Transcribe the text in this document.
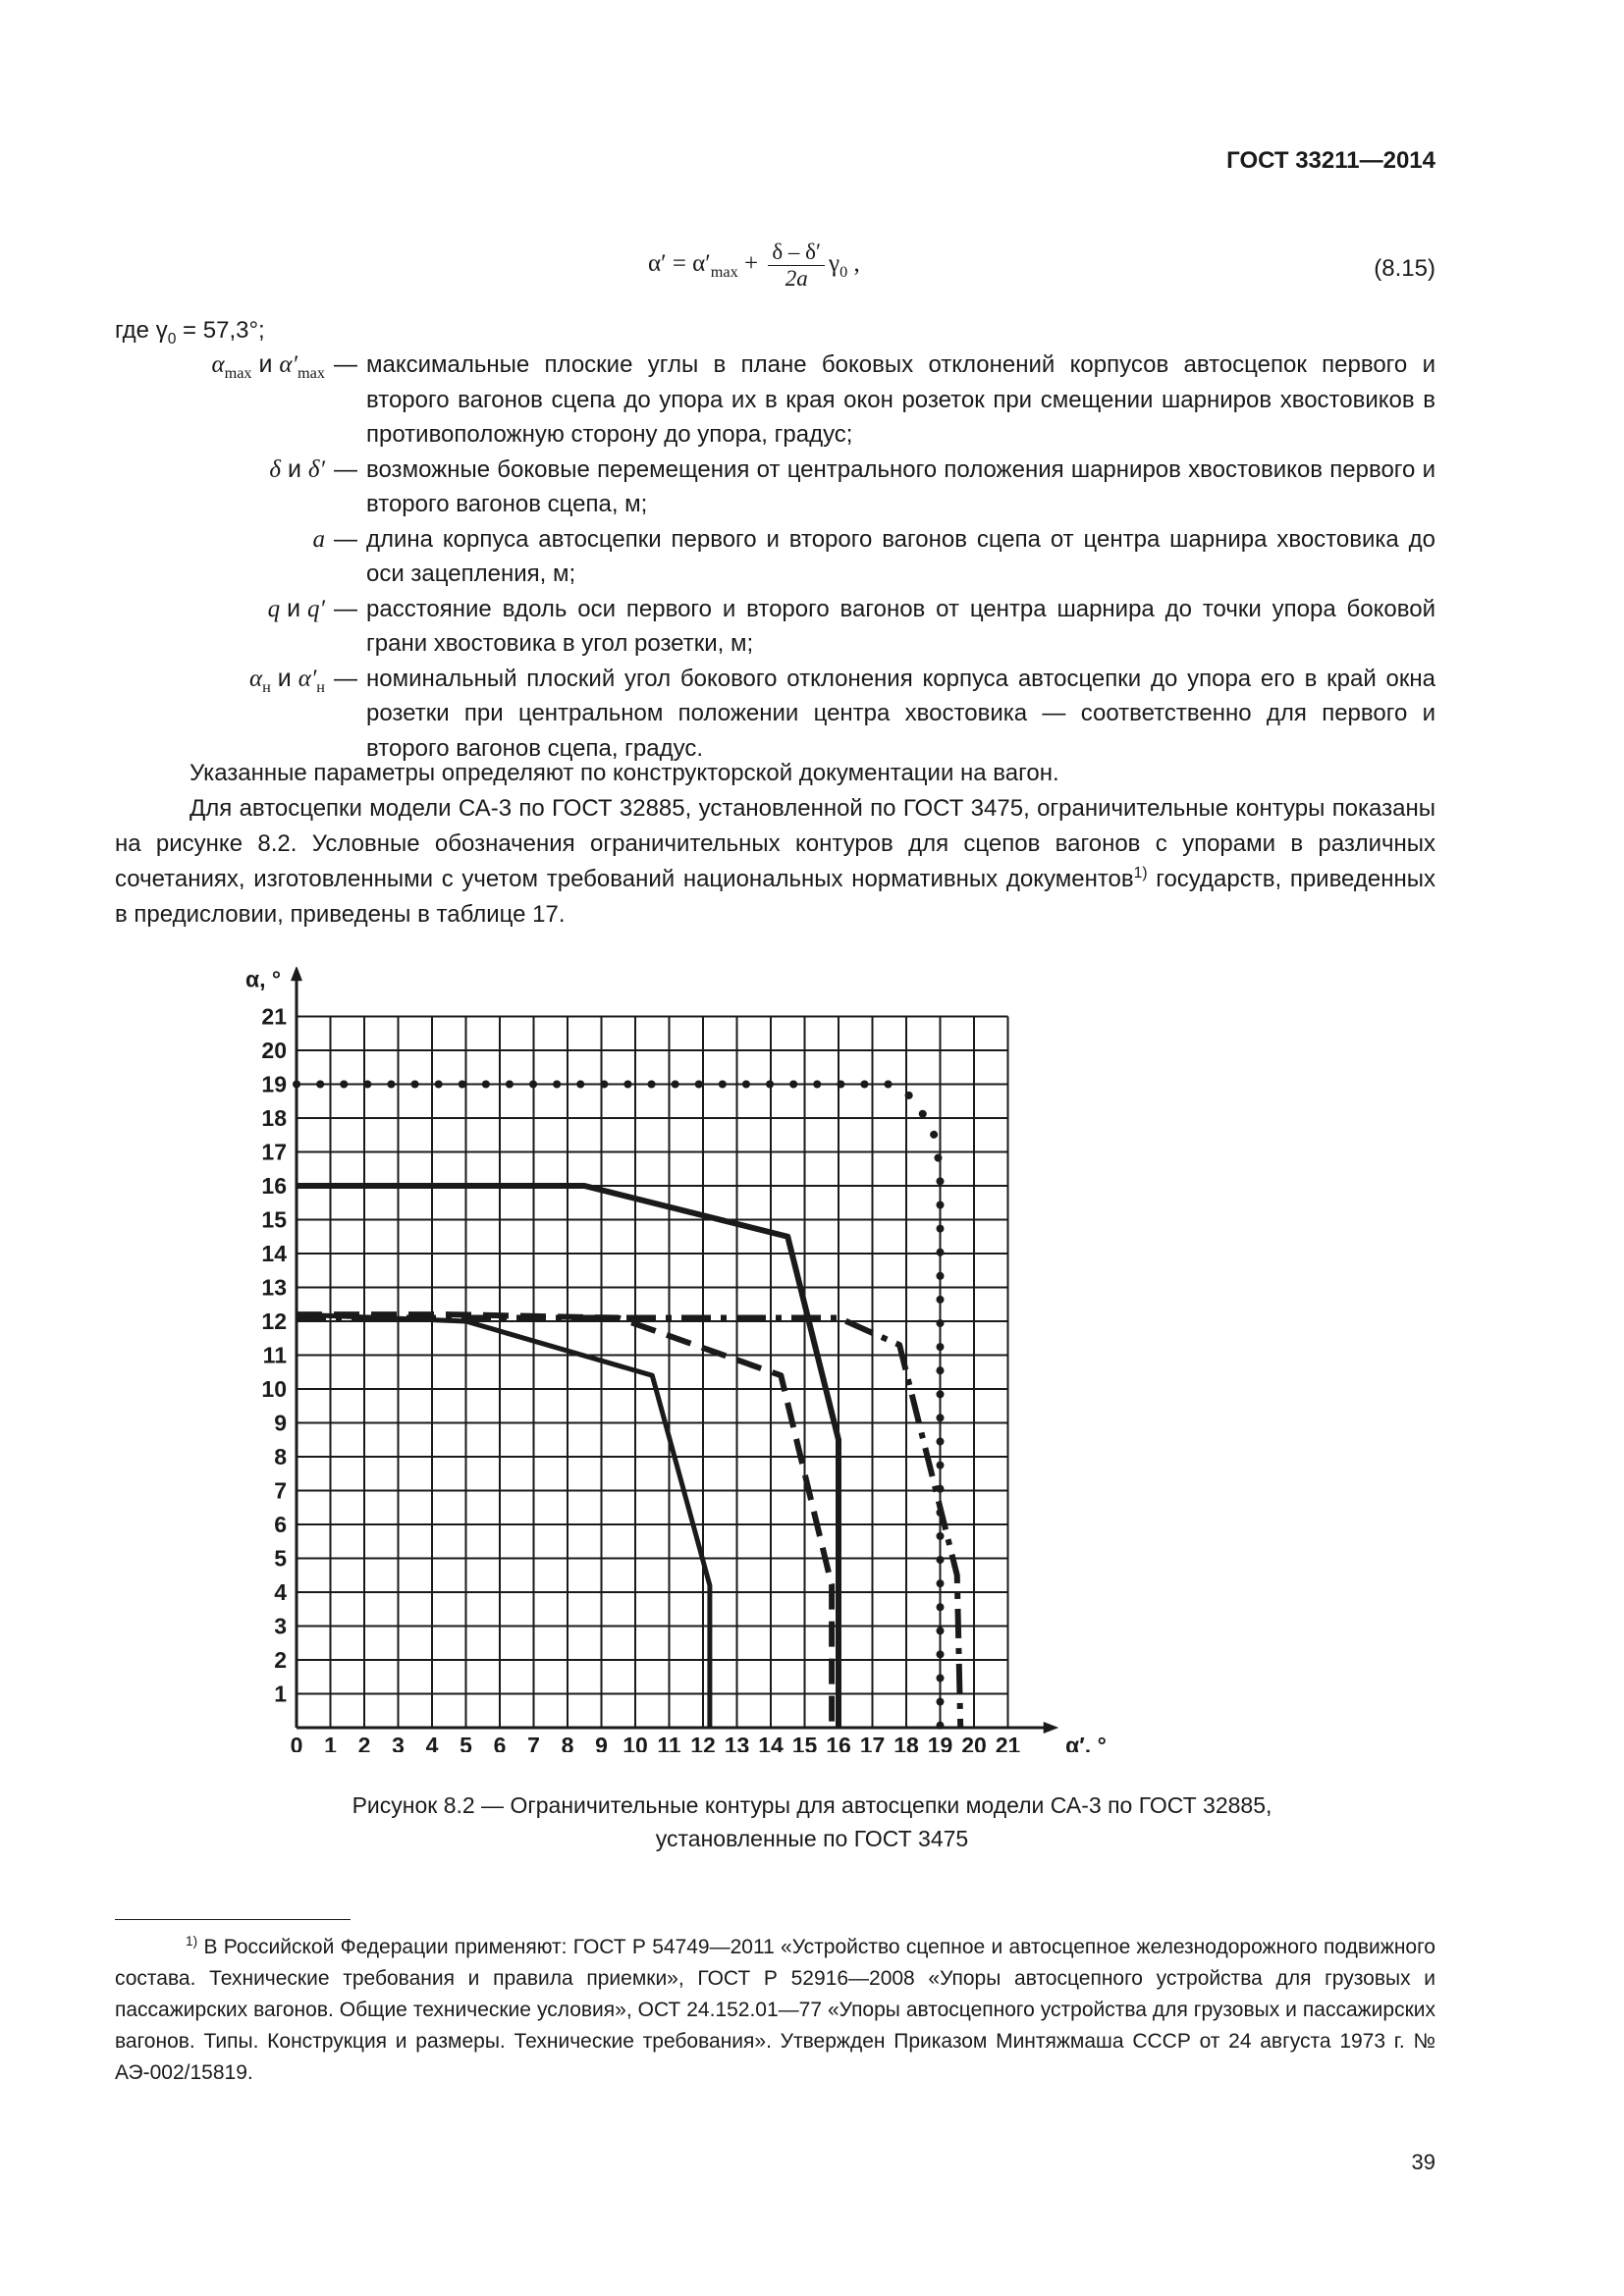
ГОСТ 33211—2014
$\alpha' = \alpha'_{max} + \frac{\delta - \delta'}{2a} \gamma_0$ ,	(8.15)
где $\gamma_0 = 57,3^\circ$;
$\alpha_{max}$ и $\alpha'_{max}$ — максимальные плоские углы в плане боковых отклонений корпусов автосцепок первого и второго вагонов сцепа до упора их в края окон розеток при смещении шарниров хвостовиков в противоположную сторону до упора, градус;
δ и δ′ — возможные боковые перемещения от центрального положения шарниров хвостовиков первого и второго вагонов сцепа, м;
a — длина корпуса автосцепки первого и второго вагонов сцепа от центра шарнира хвостовика до оси зацепления, м;
q и q′ — расстояние вдоль оси первого и второго вагонов от центра шарнира до точки упора боковой грани хвостовика в угол розетки, м;
$\alpha_н$ и $\alpha'_н$ — номинальный плоский угол бокового отклонения корпуса автосцепки до упора его в край окна розетки при центральном положении центра хвостовика — соответственно для первого и второго вагонов сцепа, градус.

Указанные параметры определяют по конструкторской документации на вагон.

Для автосцепки модели СА-3 по ГОСТ 32885, установленной по ГОСТ 3475, ограничительные контуры показаны на рисунке 8.2. Условные обозначения ограничительных контуров для сцепов вагонов с упорами в различных сочетаниях, изготовленными с учетом требований национальных нормативных документов$^{1)}$ государств, приведенных в предисловии, приведены в таблице 17.

0 1 2 3 4 5 6 7 8 9 10 11 12 13 14 15 16 17 18 19 20 21
1
2
3
4
5
6
7
8
9
10
11
12
13
14
15
16
17
18
19
20
21
α, °
α′, °
Рисунок 8.2 — Ограничительные контуры для автосцепки модели СА-3 по ГОСТ 32885,
установленные по ГОСТ 3475
$^{1)}$ В Российской Федерации применяют: ГОСТ Р 54749—2011 «Устройство сцепное и автосцепное железнодорожного подвижного состава. Технические требования и правила приемки», ГОСТ Р 52916—2008 «Упоры автосцепного устройства для грузовых и пассажирских вагонов. Общие технические условия», ОСТ 24.152.01—77 «Упоры автосцепного устройства для грузовых и пассажирских вагонов. Типы. Конструкция и размеры. Технические требования». Утвержден Приказом Минтяжмаша СССР от 24 августа 1973 г. № АЭ-002/15819.
39
